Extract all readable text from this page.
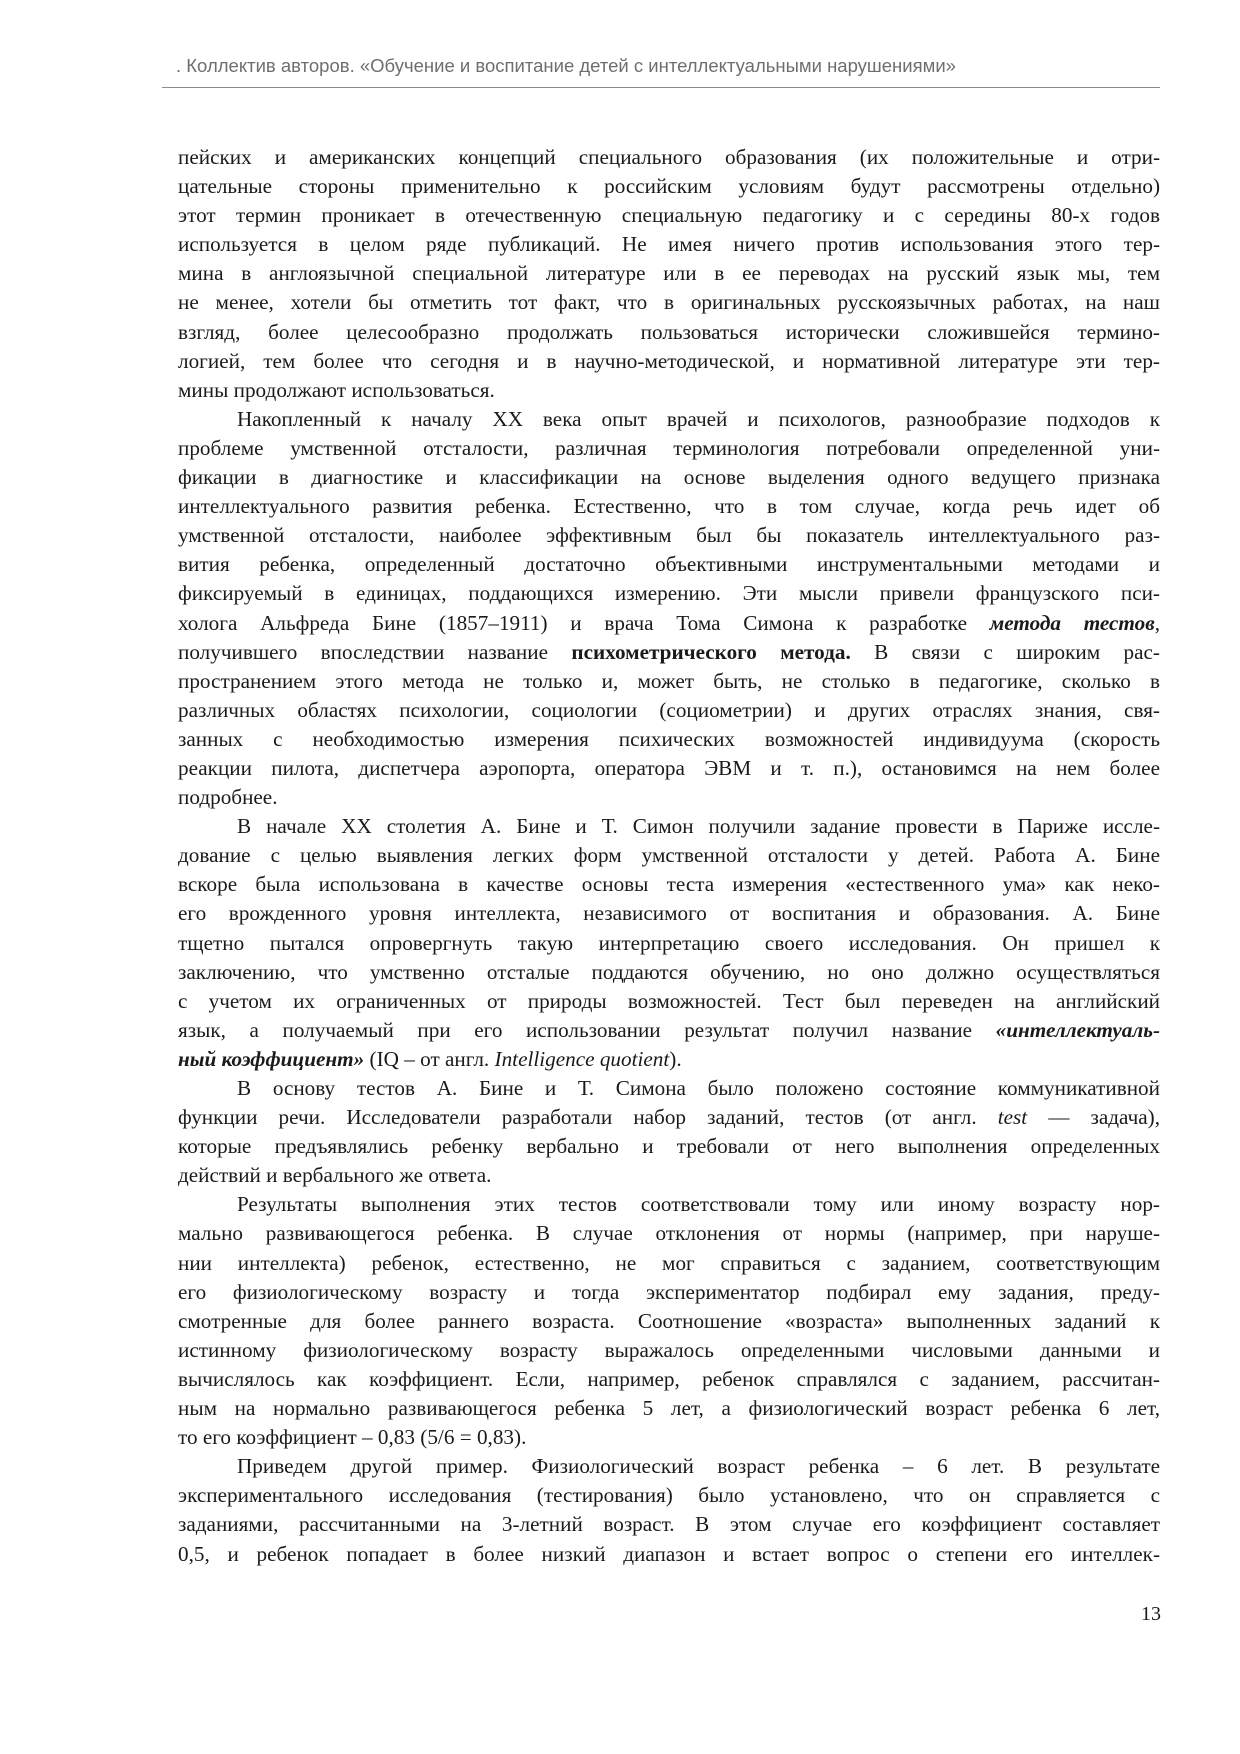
. Коллектив авторов. «Обучение и воспитание детей с интеллектуальными нарушениями»

пейских и американских концепций специального образования (их положительные и отри-
цательные стороны применительно к российским условиям будут рассмотрены отдельно)
этот термин проникает в отечественную специальную педагогику и с середины 80-х годов
используется в целом ряде публикаций. Не имея ничего против использования этого тер-
мина в англоязычной специальной литературе или в ее переводах на русский язык мы, тем
не менее, хотели бы отметить тот факт, что в оригинальных русскоязычных работах, на наш
взгляд, более целесообразно продолжать пользоваться исторически сложившейся термино-
логией, тем более что сегодня и в научно-методической, и нормативной литературе эти тер-
мины продолжают использоваться.

Накопленный к началу XX века опыт врачей и психологов, разнообразие подходов к
проблеме умственной отсталости, различная терминология потребовали определенной уни-
фикации в диагностике и классификации на основе выделения одного ведущего признака
интеллектуального развития ребенка. Естественно, что в том случае, когда речь идет об
умственной отсталости, наиболее эффективным был бы показатель интеллектуального раз-
вития ребенка, определенный достаточно объективными инструментальными методами и
фиксируемый в единицах, поддающихся измерению. Эти мысли привели французского пси-
холога Альфреда Бине (1857–1911) и врача Тома Симона к разработке метода тестов,
получившего впоследствии название психометрического метода. В связи с широким рас-
пространением этого метода не только и, может быть, не столько в педагогике, сколько в
различных областях психологии, социологии (социометрии) и других отраслях знания, свя-
занных с необходимостью измерения психических возможностей индивидуума (скорость
реакции пилота, диспетчера аэропорта, оператора ЭВМ и т. п.), остановимся на нем более
подробнее.

В начале XX столетия А. Бине и Т. Симон получили задание провести в Париже иссле-
дование с целью выявления легких форм умственной отсталости у детей. Работа А. Бине
вскоре была использована в качестве основы теста измерения «естественного ума» как неко-
его врожденного уровня интеллекта, независимого от воспитания и образования. А. Бине
тщетно пытался опровергнуть такую интерпретацию своего исследования. Он пришел к
заключению, что умственно отсталые поддаются обучению, но оно должно осуществляться
с учетом их ограниченных от природы возможностей. Тест был переведен на английский
язык, а получаемый при его использовании результат получил название «интеллектуаль-
ный коэффициент» (IQ – от англ. Intelligence quotient).

В основу тестов А. Бине и Т. Симона было положено состояние коммуникативной
функции речи. Исследователи разработали набор заданий, тестов (от англ. test — задача),
которые предъявлялись ребенку вербально и требовали от него выполнения определенных
действий и вербального же ответа.

Результаты выполнения этих тестов соответствовали тому или иному возрасту нор-
мально развивающегося ребенка. В случае отклонения от нормы (например, при наруше-
нии интеллекта) ребенок, естественно, не мог справиться с заданием, соответствующим
его физиологическому возрасту и тогда экспериментатор подбирал ему задания, преду-
смотренные для более раннего возраста. Соотношение «возраста» выполненных заданий к
истинному физиологическому возрасту выражалось определенными числовыми данными и
вычислялось как коэффициент. Если, например, ребенок справлялся с заданием, рассчитан-
ным на нормально развивающегося ребенка 5 лет, а физиологический возраст ребенка 6 лет,
то его коэффициент – 0,83 (5/6 = 0,83).

Приведем другой пример. Физиологический возраст ребенка – 6 лет. В результате
экспериментального исследования (тестирования) было установлено, что он справляется с
заданиями, рассчитанными на 3-летний возраст. В этом случае его коэффициент составляет
0,5, и ребенок попадает в более низкий диапазон и встает вопрос о степени его интеллек-

13
